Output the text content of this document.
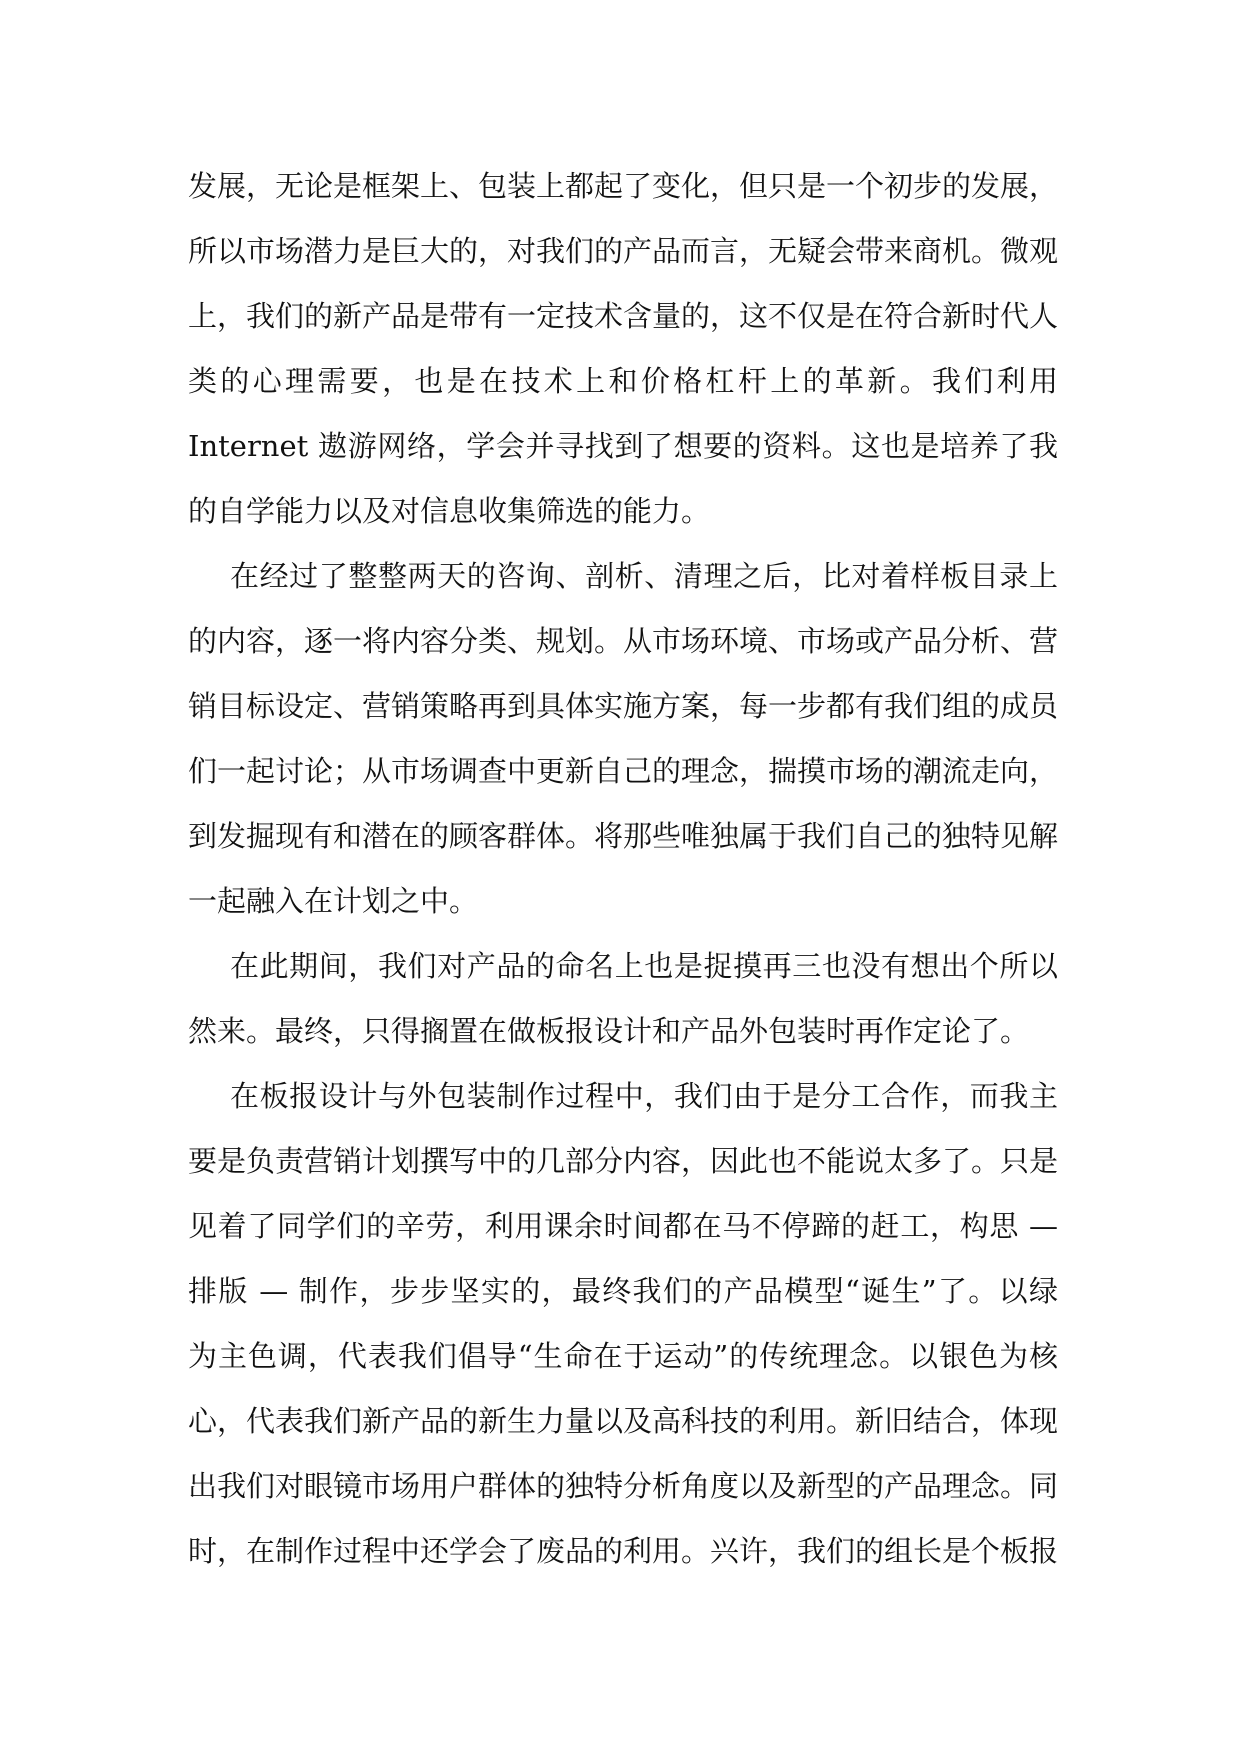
发展，无论是框架上、包装上都起了变化，但只是一个初步的发展，
所以市场潜力是巨大的，对我们的产品而言，无疑会带来商机。微观
上，我们的新产品是带有一定技术含量的，这不仅是在符合新时代人
类的心理需要，也是在技术上和价格杠杆上的革新。我们利用
Internet 遨游网络，学会并寻找到了想要的资料。这也是培养了我
的自学能力以及对信息收集筛选的能力。
在经过了整整两天的咨询、剖析、清理之后，比对着样板目录上
的内容，逐一将内容分类、规划。从市场环境、市场或产品分析、营
销目标设定、营销策略再到具体实施方案，每一步都有我们组的成员
们一起讨论；从市场调查中更新自己的理念，揣摸市场的潮流走向，
到发掘现有和潜在的顾客群体。将那些唯独属于我们自己的独特见解
一起融入在计划之中。
在此期间，我们对产品的命名上也是捉摸再三也没有想出个所以
然来。最终，只得搁置在做板报设计和产品外包装时再作定论了。
在板报设计与外包装制作过程中，我们由于是分工合作，而我主
要是负责营销计划撰写中的几部分内容，因此也不能说太多了。只是
见着了同学们的辛劳，利用课余时间都在马不停蹄的赶工，构思 —
排版 — 制作，步步坚实的，最终我们的产品模型“诞生”了。以绿
为主色调，代表我们倡导“生命在于运动”的传统理念。以银色为核
心，代表我们新产品的新生力量以及高科技的利用。新旧结合，体现
出我们对眼镜市场用户群体的独特分析角度以及新型的产品理念。同
时，在制作过程中还学会了废品的利用。兴许，我们的组长是个板报
